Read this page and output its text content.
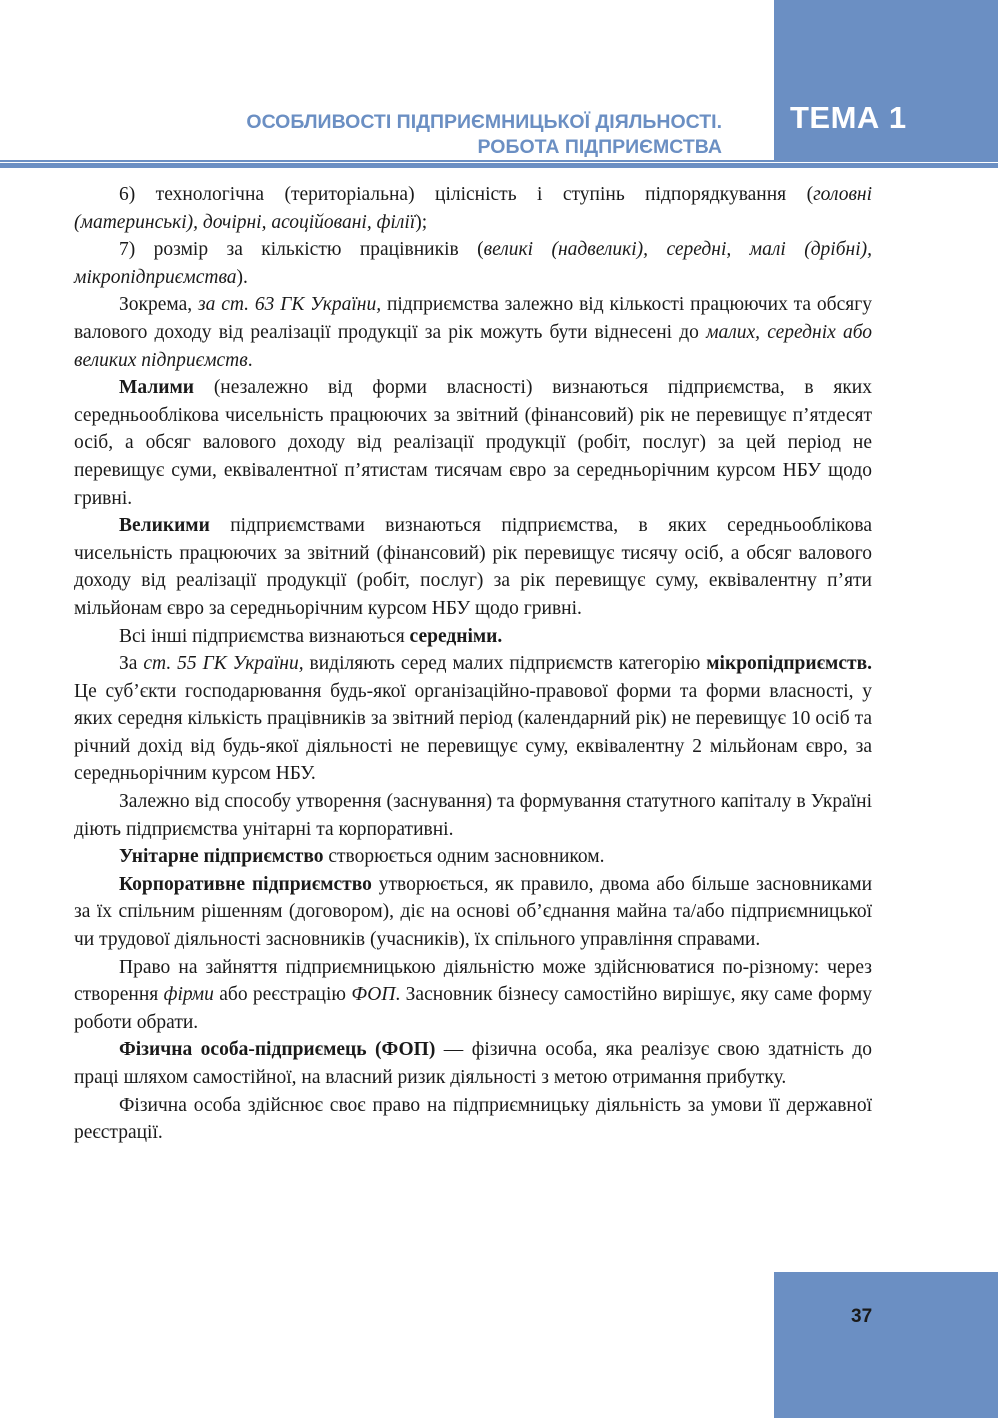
ТЕМА 1
ОСОБЛИВОСТІ ПІДПРИЄМНИЦЬКОЇ ДІЯЛЬНОСТІ.
РОБОТА ПІДПРИЄМСТВА

6) технологічна (територіальна) цілісність і ступінь підпорядкування (головні (материнські), дочірні, асоційовані, філії);

7) розмір за кількістю працівників (великі (надвеликі), середні, малі (дрібні), мікропідприємства).

Зокрема, за ст. 63 ГК України, підприємства залежно від кількості працюючих та обсягу валового доходу від реалізації продукції за рік можуть бути віднесені до малих, середніх або великих підприємств.

Малими (незалежно від форми власності) визнаються підприємства, в яких середньооблікова чисельність працюючих за звітний (фінансовий) рік не перевищує п’ятдесят осіб, а обсяг валового доходу від реалізації продукції (робіт, послуг) за цей період не перевищує суми, еквівалентної п’ятистам тисячам євро за середньорічним курсом НБУ щодо гривні.

Великими підприємствами визнаються підприємства, в яких середньооблікова чисельність працюючих за звітний (фінансовий) рік перевищує тисячу осіб, а обсяг валового доходу від реалізації продукції (робіт, послуг) за рік перевищує суму, еквівалентну п’яти мільйонам євро за середньорічним курсом НБУ щодо гривні.

Всі інші підприємства визнаються середніми.

За ст. 55 ГК України, виділяють серед малих підприємств категорію мікропідприємств. Це суб’єкти господарювання будь-якої організаційно-правової форми та форми власності, у яких середня кількість працівників за звітний період (календарний рік) не перевищує 10 осіб та річний дохід від будь-якої діяльності не перевищує суму, еквівалентну 2 мільйонам євро, за середньорічним курсом НБУ.

Залежно від способу утворення (заснування) та формування статутного капіталу в Україні діють підприємства унітарні та корпоративні.

Унітарне підприємство створюється одним засновником.

Корпоративне підприємство утворюється, як правило, двома або більше засновниками за їх спільним рішенням (договором), діє на основі об’єднання майна та/або підприємницької чи трудової діяльності засновників (учасників), їх спільного управління справами.

Право на зайняття підприємницькою діяльністю може здійснюватися по-різному: через створення фірми або реєстрацію ФОП. Засновник бізнесу самостійно вирішує, яку саме форму роботи обрати.

Фізична особа-підприємець (ФОП) — фізична особа, яка реалізує свою здатність до праці шляхом самостійної, на власний ризик діяльності з метою отримання прибутку.

Фізична особа здійснює своє право на підприємницьку діяльність за умови її державної реєстрації.

37
